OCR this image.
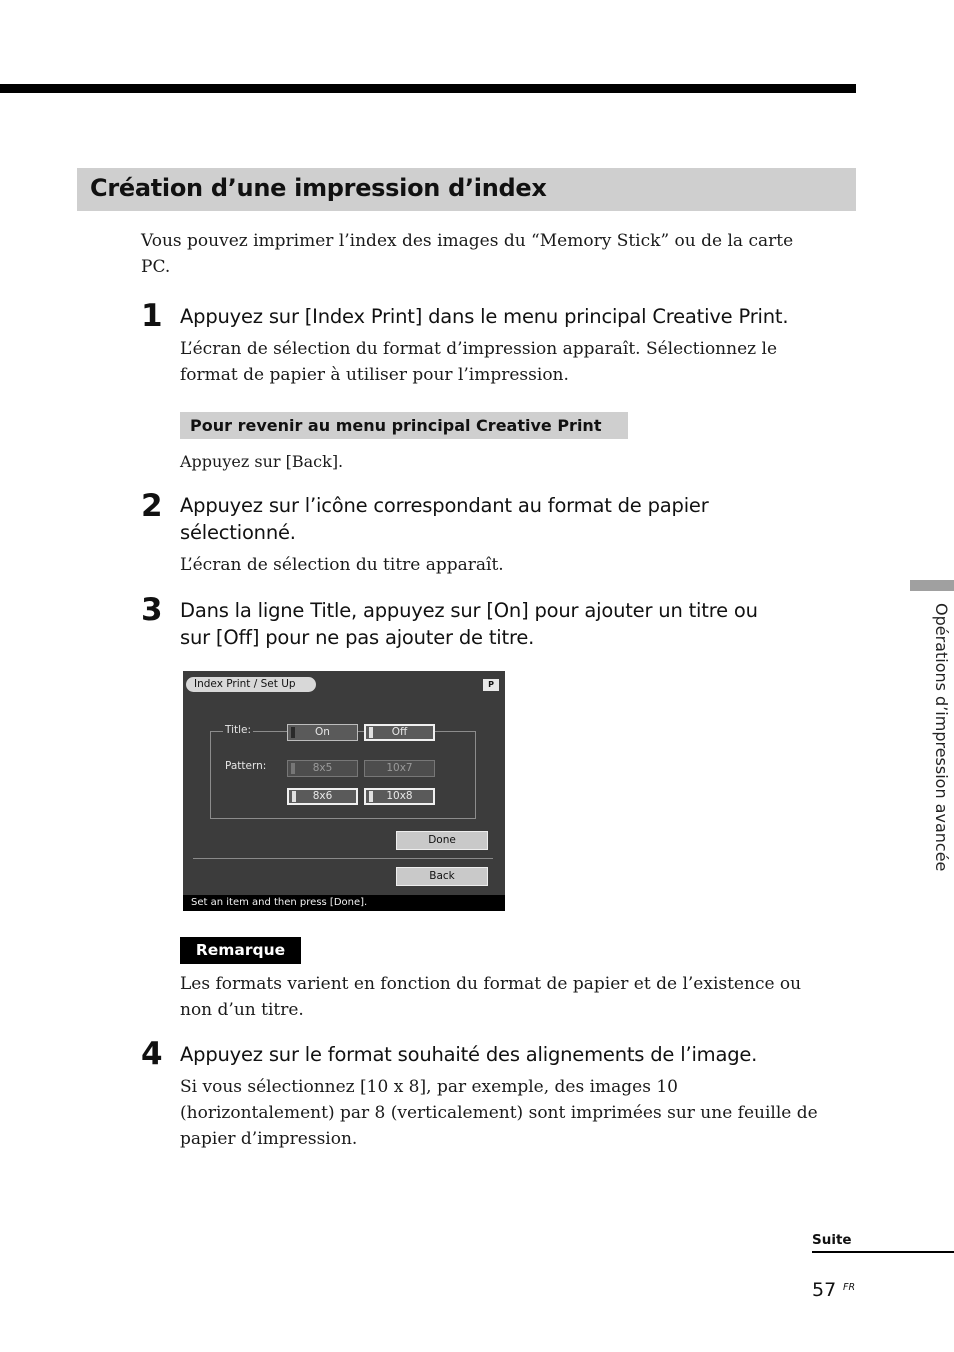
Création d’une impression d’index
Vous pouvez imprimer l’index des images du “Memory Stick” ou de la carte
PC.
1 Appuyez sur [Index Print] dans le menu principal Creative Print.
L’écran de sélection du format d’impression apparaît. Sélectionnez le
format de papier à utiliser pour l’impression.
Pour revenir au menu principal Creative Print
Appuyez sur [Back].
2 Appuyez sur l’icône correspondant au format de papier
sélectionné.
L’écran de sélection du titre apparaît.
3 Dans la ligne Title, appuyez sur [On] pour ajouter un titre ou
sur [Off] pour ne pas ajouter de titre.
Index Print / Set Up	P
Title:
Pattern:
On	Off
8x5	10x7
8x6	10x8
Done
Back
Set an item and then press [Done].
Remarque
Les formats varient en fonction du format de papier et de l’existence ou
non d’un titre.
4 Appuyez sur le format souhaité des alignements de l’image.
Si vous sélectionnez [10 x 8], par exemple, des images 10
(horizontalement) par 8 (verticalement) sont imprimées sur une feuille de
papier d’impression.
Opérations d’impression avancée
Suite
57 FR
